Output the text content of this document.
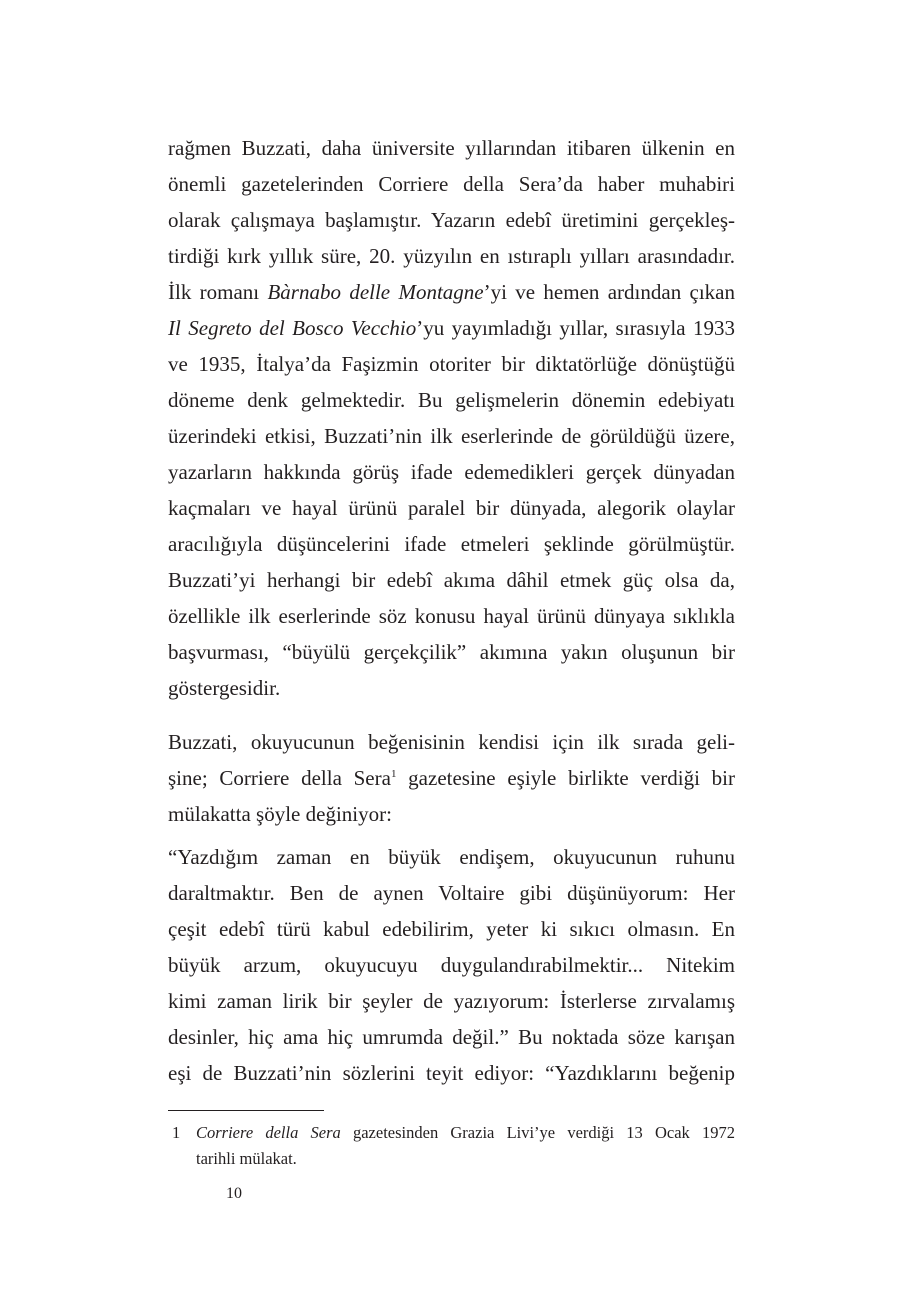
rağmen Buzzati, daha üniversite yıllarından itibaren ülkenin en
önemli gazetelerinden Corriere della Sera’da haber muhabiri
olarak çalışmaya başlamıştır. Yazarın edebî üretimini gerçekleş-
tirdiği kırk yıllık süre, 20. yüzyılın en ıstıraplı yılları arasındadır.
İlk romanı Bàrnabo delle Montagne’yi ve hemen ardından çıkan
Il Segreto del Bosco Vecchio’yu yayımladığı yıllar, sırasıyla 1933
ve 1935, İtalya’da Faşizmin otoriter bir diktatörlüğe dönüştüğü
döneme denk gelmektedir. Bu gelişmelerin dönemin edebiyatı
üzerindeki etkisi, Buzzati’nin ilk eserlerinde de görüldüğü üzere,
yazarların hakkında görüş ifade edemedikleri gerçek dünyadan
kaçmaları ve hayal ürünü paralel bir dünyada, alegorik olaylar
aracılığıyla düşüncelerini ifade etmeleri şeklinde görülmüştür.
Buzzati’yi herhangi bir edebî akıma dâhil etmek güç olsa da,
özellikle ilk eserlerinde söz konusu hayal ürünü dünyaya sıklıkla
başvurması, “büyülü gerçekçilik” akımına yakın oluşunun bir
göstergesidir.
Buzzati, okuyucunun beğenisinin kendisi için ilk sırada geli-
şine; Corriere della Sera$^1$ gazetesine eşiyle birlikte verdiği bir
mülakatta şöyle değiniyor:
“Yazdığım zaman en büyük endişem, okuyucunun ruhunu
daraltmaktır. Ben de aynen Voltaire gibi düşünüyorum: Her
çeşit edebî türü kabul edebilirim, yeter ki sıkıcı olmasın. En
büyük arzum, okuyucuyu duygulandırabilmektir... Nitekim
kimi zaman lirik bir şeyler de yazıyorum: İsterlerse zırvalamış
desinler, hiç ama hiç umrumda değil.” Bu noktada söze karışan
eşi de Buzzati’nin sözlerini teyit ediyor: “Yazdıklarını beğenip
1 Corriere della Sera gazetesinden Grazia Livi’ye verdiği 13 Ocak 1972
tarihli mülakat.
10
